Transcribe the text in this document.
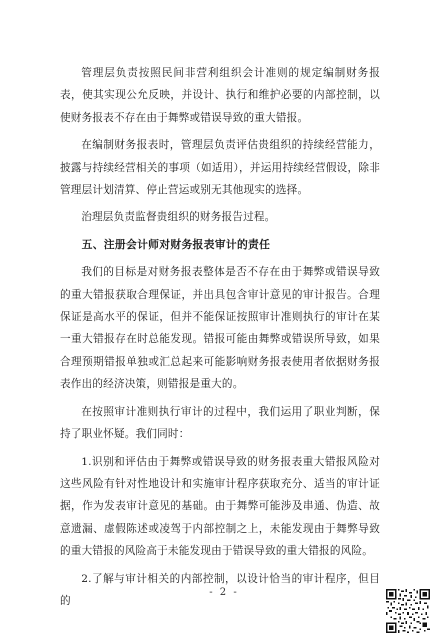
管理层负责按照民间非营利组织会计准则的规定编制财务报表，使其实现公允反映，并设计、执行和维护必要的内部控制，以使财务报表不存在由于舞弊或错误导致的重大错报。

在编制财务报表时，管理层负责评估贵组织的持续经营能力，披露与持续经营相关的事项（如适用），并运用持续经营假设，除非管理层计划清算、停止营运或别无其他现实的选择。

治理层负责监督贵组织的财务报告过程。

五、注册会计师对财务报表审计的责任

我们的目标是对财务报表整体是否不存在由于舞弊或错误导致的重大错报获取合理保证，并出具包含审计意见的审计报告。合理保证是高水平的保证，但并不能保证按照审计准则执行的审计在某一重大错报存在时总能发现。错报可能由舞弊或错误所导致，如果合理预期错报单独或汇总起来可能影响财务报表使用者依据财务报表作出的经济决策，则错报是重大的。

在按照审计准则执行审计的过程中，我们运用了职业判断，保持了职业怀疑。我们同时：

1.识别和评估由于舞弊或错误导致的财务报表重大错报风险对这些风险有针对性地设计和实施审计程序获取充分、适当的审计证据，作为发表审计意见的基础。由于舞弊可能涉及串通、伪造、故意遗漏、虚假陈述或凌驾于内部控制之上，未能发现由于舞弊导致的重大错报的风险高于未能发现由于错误导致的重大错报的风险。

2.了解与审计相关的内部控制，以设计恰当的审计程序，但目的

- 2 -
